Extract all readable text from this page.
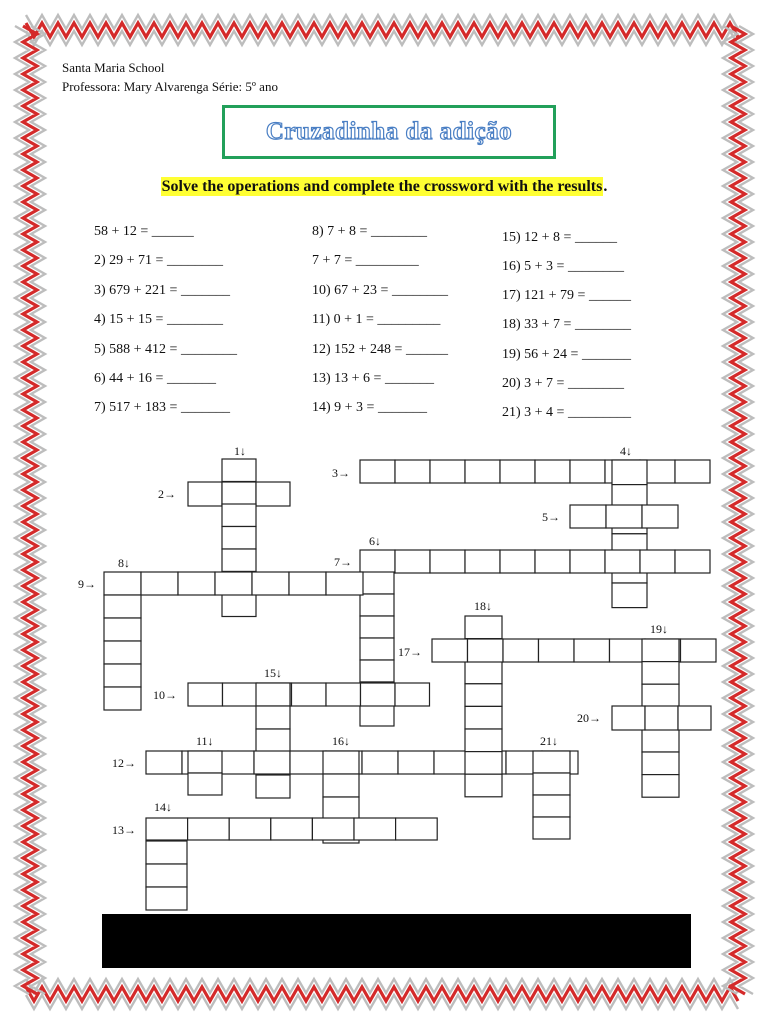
Santa Maria School
Professora: Mary Alvarenga Série: 5º ano
Cruzadinha da adição
Solve the operations and complete the crossword with the results.
58 + 12 = ______
2) 29 + 71 = ________
3) 679 + 221 = _______
4) 15 + 15 = ________
5) 588 + 412 = ________
6) 44 + 16 = _______
7) 517 + 183 = _______
8) 7 + 8 = ________
7 + 7 = _________
10) 67 + 23 = ________
11) 0 + 1 = _________
12) 152 + 248 = ______
13) 13 + 6 = _______
14) 9 + 3 = _______
15) 12 + 8 = ______
16) 5 + 3 = ________
17) 121 + 79 = ______
18) 33 + 7 = ________
19) 56 + 24 = _______
20) 3 + 7 = ________
21) 3 + 4 = _________
1↓
2→
3→
4↓
5→
6↓
7→
8↓
9→
10→
11↓
12→
13→
14↓
15↓
16↓
17→
18↓
19↓
20→
21↓
